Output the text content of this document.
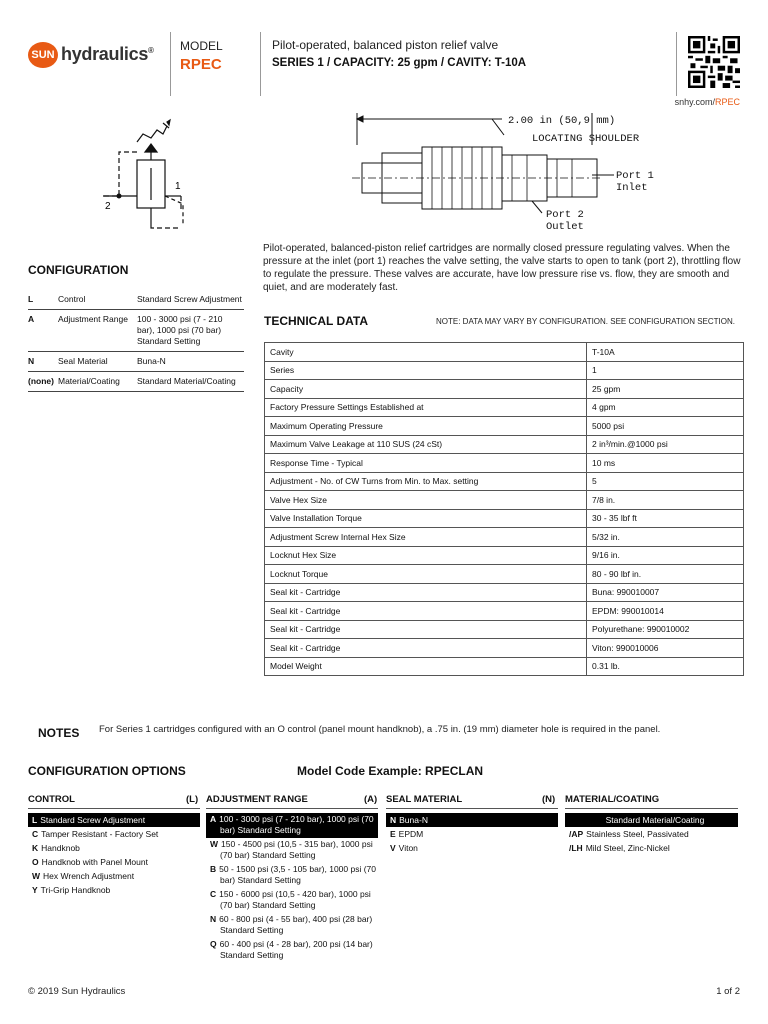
SUN hydraulics® MODEL
RPEC
Pilot-operated, balanced piston relief valve
SERIES 1 / CAPACITY: 25 gpm / CAVITY: T-10A
snhy.com/RPEC
1
2
2.00 in (50,9 mm)
LOCATING SHOULDER
Port 1
Inlet
Port 2
Outlet
Pilot-operated, balanced-piston relief cartridges are normally closed pressure regulating valves. When the pressure at the inlet (port 1) reaches the valve setting, the valve starts to open to tank (port 2), throttling flow to regulate the pressure. These valves are accurate, have low pressure rise vs. flow, they are smooth and quiet, and are moderately fast.
CONFIGURATION
L	Control	Standard Screw Adjustment
A	Adjustment Range	100 - 3000 psi (7 - 210 bar), 1000 psi (70 bar) Standard Setting
N	Seal Material	Buna-N
(none)	Material/Coating	Standard Material/Coating
TECHNICAL DATA	NOTE: DATA MAY VARY BY CONFIGURATION. SEE CONFIGURATION SECTION.
Cavity	T-10A
Series	1
Capacity	25 gpm
Factory Pressure Settings Established at	4 gpm
Maximum Operating Pressure	5000 psi
Maximum Valve Leakage at 110 SUS (24 cSt)	2 in³/min.@1000 psi
Response Time - Typical	10 ms
Adjustment - No. of CW Turns from Min. to Max. setting	5
Valve Hex Size	7/8 in.
Valve Installation Torque	30 - 35 lbf ft
Adjustment Screw Internal Hex Size	5/32 in.
Locknut Hex Size	9/16 in.
Locknut Torque	80 - 90 lbf in.
Seal kit - Cartridge	Buna: 990010007
Seal kit - Cartridge	EPDM: 990010014
Seal kit - Cartridge	Polyurethane: 990010002
Seal kit - Cartridge	Viton: 990010006
Model Weight	0.31 lb.
NOTES For Series 1 cartridges configured with an O control (panel mount handknob), a .75 in. (19 mm) diameter hole is required in the panel.
CONFIGURATION OPTIONS	Model Code Example: RPECLAN
CONTROL	(L) ADJUSTMENT RANGE	(A) SEAL MATERIAL	(N) MATERIAL/COATING
L Standard Screw Adjustment
C Tamper Resistant - Factory Set
K Handknob
O Handknob with Panel Mount
W Hex Wrench Adjustment
Y Tri-Grip Handknob
A 100 - 3000 psi (7 - 210 bar), 1000 psi (70 bar) Standard Setting
W 150 - 4500 psi (10,5 - 315 bar), 1000 psi (70 bar) Standard Setting
B 50 - 1500 psi (3,5 - 105 bar), 1000 psi (70 bar) Standard Setting
C 150 - 6000 psi (10,5 - 420 bar), 1000 psi (70 bar) Standard Setting
N 60 - 800 psi (4 - 55 bar), 400 psi (28 bar) Standard Setting
Q 60 - 400 psi (4 - 28 bar), 200 psi (14 bar) Standard Setting
N Buna-N
E EPDM
V Viton
Standard Material/Coating
/AP Stainless Steel, Passivated
/LH Mild Steel, Zinc-Nickel
© 2019 Sun Hydraulics	1 of 2
